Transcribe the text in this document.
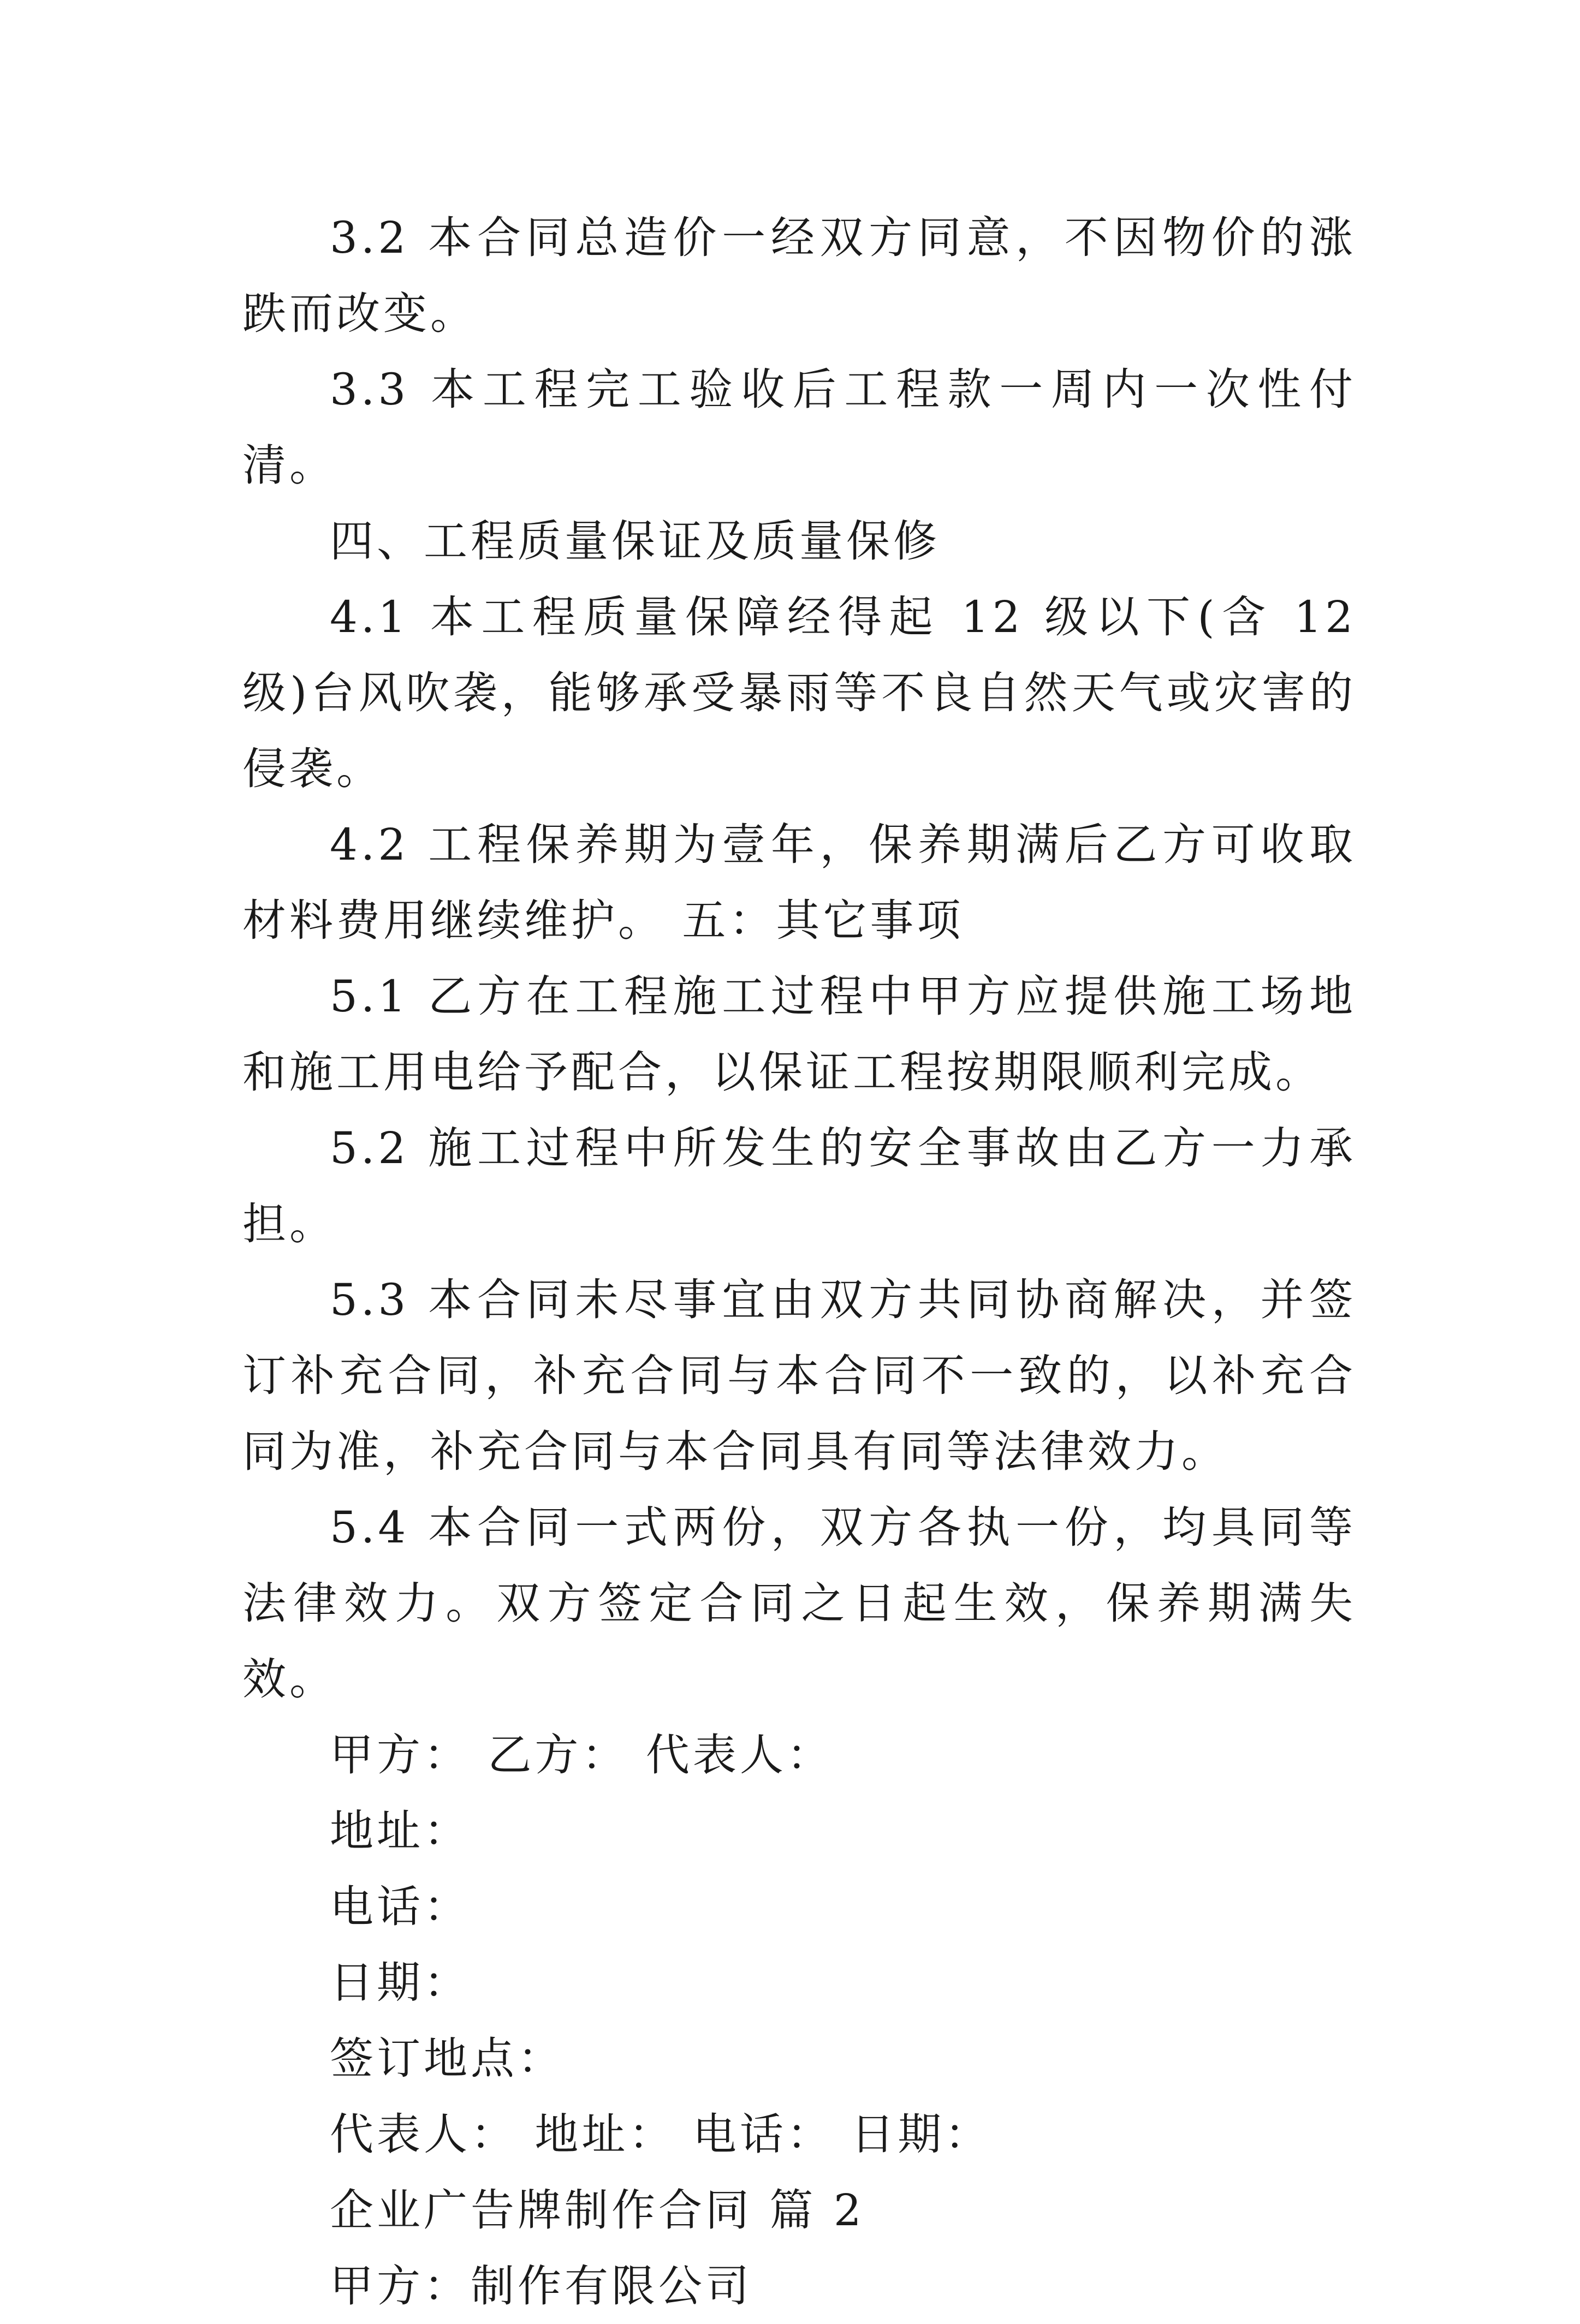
3.2 本合同总造价一经双方同意，不因物价的涨跌而改变。

3.3 本工程完工验收后工程款一周内一次性付清。

四、工程质量保证及质量保修

4.1 本工程质量保障经得起 12 级以下(含 12 级)台风吹袭，能够承受暴雨等不良自然天气或灾害的侵袭。

4.2 工程保养期为壹年，保养期满后乙方可收取材料费用继续维护。 五：其它事项

5.1 乙方在工程施工过程中甲方应提供施工场地和施工用电给予配合，以保证工程按期限顺利完成。

5.2 施工过程中所发生的安全事故由乙方一力承担。

5.3 本合同未尽事宜由双方共同协商解决，并签订补充合同，补充合同与本合同不一致的，以补充合同为准，补充合同与本合同具有同等法律效力。

5.4 本合同一式两份，双方各执一份，均具同等法律效力。双方签定合同之日起生效，保养期满失效。

甲方： 乙方： 代表人：

地址：

电话：

日期：

签订地点：

代表人： 地址： 电话： 日期：

企业广告牌制作合同 篇 2

甲方：制作有限公司
